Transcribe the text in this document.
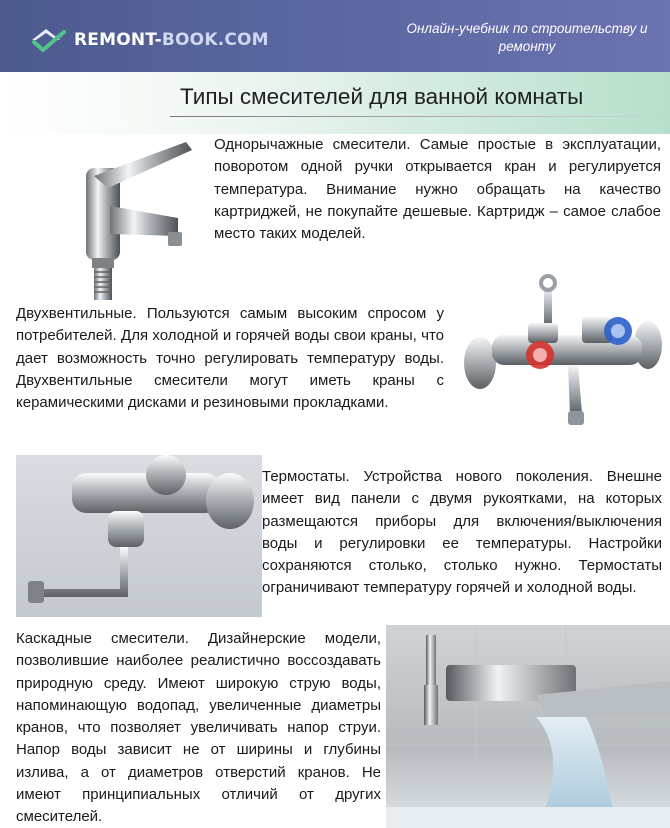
REMONT-BOOK.COM
Онлайн-учебник по строительству и ремонту
Типы смесителей для ванной комнаты
Однорычажные смесители. Самые простые в эксплуатации, поворотом одной ручки открывается кран и регулируется температура. Внимание нужно обращать на качество картриджей, не покупайте дешевые. Картридж – самое слабое место таких моделей.
Двухвентильные. Пользуются самым высоким спросом у потребителей. Для холодной и горячей воды свои краны, что дает возможность точно регулировать температуру воды. Двухвентильные смесители могут иметь краны с керамическими дисками и резиновыми прокладками.
Термостаты. Устройства нового поколения. Внешне имеет вид панели с двумя рукоятками, на которых размещаются приборы для включения/выключения воды и регулировки ее температуры. Настройки сохраняются столько, столько нужно. Термостаты ограничивают температуру горячей и холодной воды.
Каскадные смесители. Дизайнерские модели, позволившие наиболее реалистично воссоздавать природную среду. Имеют широкую струю воды, напоминающую водопад, увеличенные диаметры кранов, что позволяет увеличивать напор струи. Напор воды зависит не от ширины и глубины излива, а от диаметров отверстий кранов. Не имеют принципиальных отличий от других смесителей.
